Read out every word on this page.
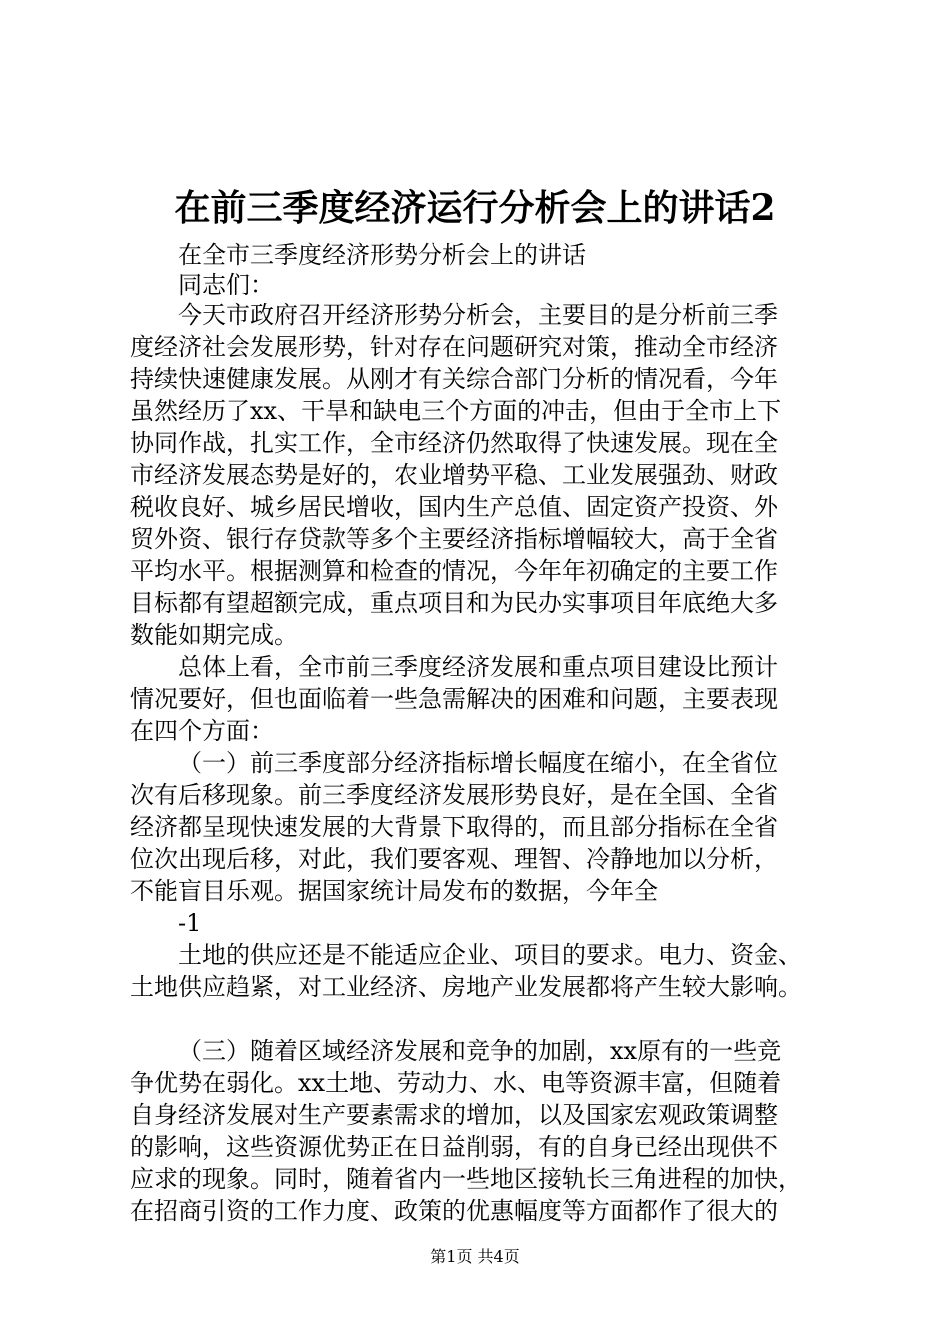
在前三季度经济运行分析会上的讲话2
在全市三季度经济形势分析会上的讲话
同志们：
今天市政府召开经济形势分析会，主要目的是分析前三季
度经济社会发展形势，针对存在问题研究对策，推动全市经济
持续快速健康发展。从刚才有关综合部门分析的情况看，今年
虽然经历了xx、干旱和缺电三个方面的冲击，但由于全市上下
协同作战，扎实工作，全市经济仍然取得了快速发展。现在全
市经济发展态势是好的，农业增势平稳、工业发展强劲、财政
税收良好、城乡居民增收，国内生产总值、固定资产投资、外
贸外资、银行存贷款等多个主要经济指标增幅较大，高于全省
平均水平。根据测算和检查的情况，今年年初确定的主要工作
目标都有望超额完成，重点项目和为民办实事项目年底绝大多
数能如期完成。
总体上看，全市前三季度经济发展和重点项目建设比预计
情况要好，但也面临着一些急需解决的困难和问题，主要表现
在四个方面：
（一）前三季度部分经济指标增长幅度在缩小，在全省位
次有后移现象。前三季度经济发展形势良好，是在全国、全省
经济都呈现快速发展的大背景下取得的，而且部分指标在全省
位次出现后移，对此，我们要客观、理智、冷静地加以分析，
不能盲目乐观。据国家统计局发布的数据，今年全
-1
土地的供应还是不能适应企业、项目的要求。电力、资金、
土地供应趋紧，对工业经济、房地产业发展都将产生较大影响。
（三）随着区域经济发展和竞争的加剧，xx原有的一些竞
争优势在弱化。xx土地、劳动力、水、电等资源丰富，但随着
自身经济发展对生产要素需求的增加，以及国家宏观政策调整
的影响，这些资源优势正在日益削弱，有的自身已经出现供不
应求的现象。同时，随着省内一些地区接轨长三角进程的加快，
在招商引资的工作力度、政策的优惠幅度等方面都作了很大的
第1页 共4页
